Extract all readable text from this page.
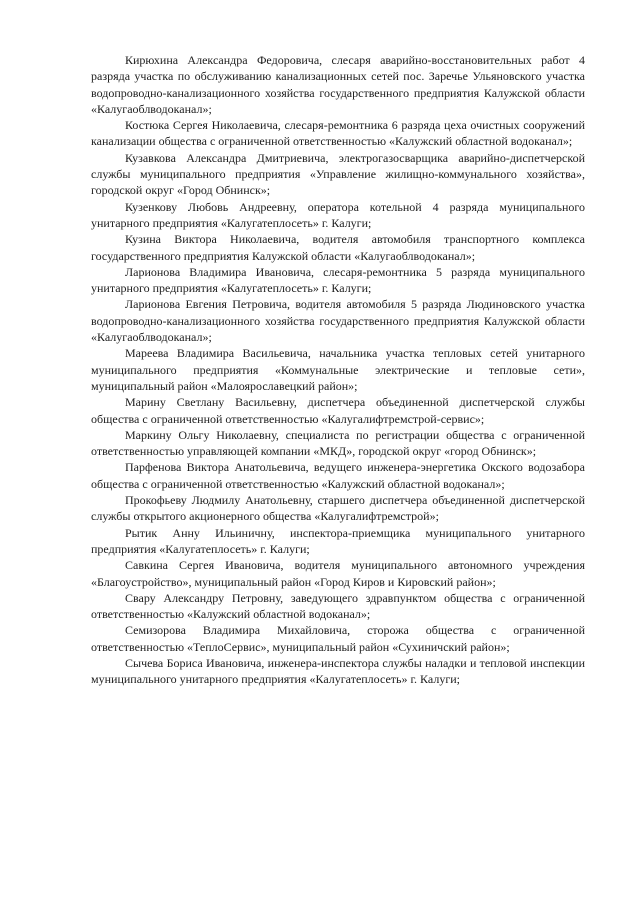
Кирюхина Александра Федоровича, слесаря аварийно-восстановительных работ 4 разряда участка по обслуживанию канализационных сетей пос. Заречье Ульяновского участка водопроводно-канализационного хозяйства государственного предприятия Калужской области «Калугаоблводоканал»;

Костюка Сергея Николаевича, слесаря-ремонтника 6 разряда цеха очистных сооружений канализации общества с ограниченной ответственностью «Калужский областной водоканал»;

Кузавкова Александра Дмитриевича, электрогазосварщика аварийно-диспетчерской службы муниципального предприятия «Управление жилищно-коммунального хозяйства», городской округ «Город Обнинск»;

Кузенкову Любовь Андреевну, оператора котельной 4 разряда муниципального унитарного предприятия «Калугатеплосеть» г. Калуги;

Кузина Виктора Николаевича, водителя автомобиля транспортного комплекса государственного предприятия Калужской области «Калугаоблводоканал»;

Ларионова Владимира Ивановича, слесаря-ремонтника 5 разряда муниципального унитарного предприятия «Калугатеплосеть» г. Калуги;

Ларионова Евгения Петровича, водителя автомобиля 5 разряда Людиновского участка водопроводно-канализационного хозяйства государственного предприятия Калужской области «Калугаоблводоканал»;

Мареева Владимира Васильевича, начальника участка тепловых сетей унитарного муниципального предприятия «Коммунальные электрические и тепловые сети», муниципальный район «Малоярославецкий район»;

Марину Светлану Васильевну, диспетчера объединенной диспетчерской службы общества с ограниченной ответственностью «Калугалифтремстрой-сервис»;

Маркину Ольгу Николаевну, специалиста по регистрации общества с ограниченной ответственностью управляющей компании «МКД», городской округ «город Обнинск»;

Парфенова Виктора Анатольевича, ведущего инженера-энергетика Окского водозабора общества с ограниченной ответственностью «Калужский областной водоканал»;

Прокофьеву Людмилу Анатольевну, старшего диспетчера объединенной диспетчерской службы открытого акционерного общества «Калугалифтремстрой»;

Рытик Анну Ильиничну, инспектора-приемщика муниципального унитарного предприятия «Калугатеплосеть» г. Калуги;

Савкина Сергея Ивановича, водителя муниципального автономного учреждения «Благоустройство», муниципальный район «Город Киров и Кировский район»;

Свару Александру Петровну, заведующего здравпунктом общества с ограниченной ответственностью «Калужский областной водоканал»;

Семизорова Владимира Михайловича, сторожа общества с ограниченной ответственностью «ТеплоСервис», муниципальный район «Сухиничский район»;

Сычева Бориса Ивановича, инженера-инспектора службы наладки и тепловой инспекции муниципального унитарного предприятия «Калугатеплосеть» г. Калуги;
